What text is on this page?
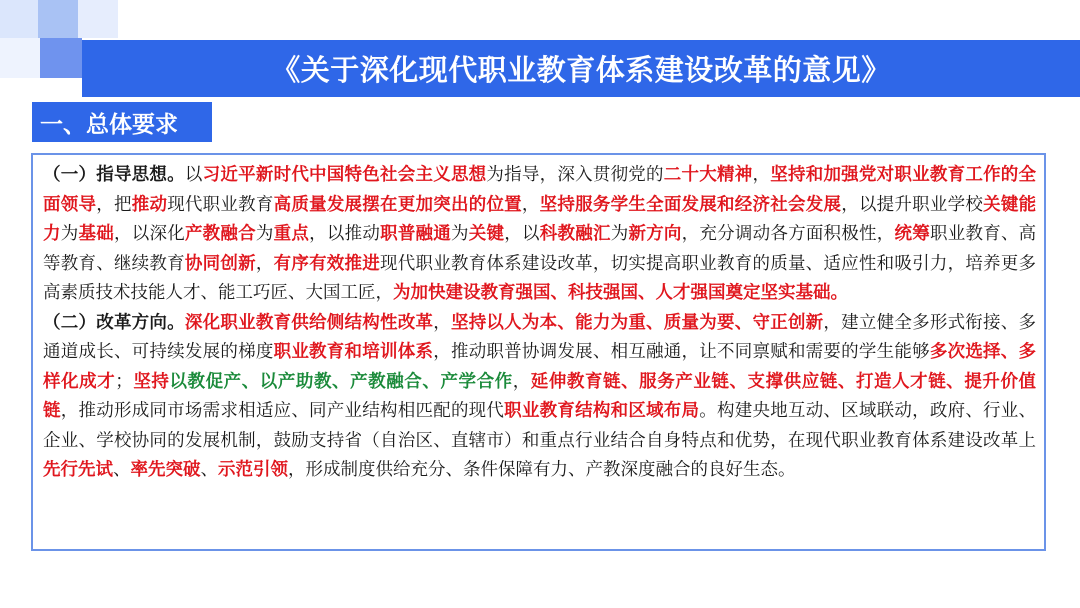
《关于深化现代职业教育体系建设改革的意见》
一、总体要求

（一）指导思想。以习近平新时代中国特色社会主义思想为指导，深入贯彻党的二十大精神，坚持和加强党对职业教育工作的全面领导，把推动现代职业教育高质量发展摆在更加突出的位置，坚持服务学生全面发展和经济社会发展，以提升职业学校关键能力为基础，以深化产教融合为重点，以推动职普融通为关键，以科教融汇为新方向，充分调动各方面积极性，统筹职业教育、高等教育、继续教育协同创新，有序有效推进现代职业教育体系建设改革，切实提高职业教育的质量、适应性和吸引力，培养更多高素质技术技能人才、能工巧匠、大国工匠，为加快建设教育强国、科技强国、人才强国奠定坚实基础。

（二）改革方向。深化职业教育供给侧结构性改革，坚持以人为本、能力为重、质量为要、守正创新，建立健全多形式衔接、多通道成长、可持续发展的梯度职业教育和培训体系，推动职普协调发展、相互融通，让不同禀赋和需要的学生能够多次选择、多样化成才；坚持以教促产、以产助教、产教融合、产学合作，延伸教育链、服务产业链、支撑供应链、打造人才链、提升价值链，推动形成同市场需求相适应、同产业结构相匹配的现代职业教育结构和区域布局。构建央地互动、区域联动，政府、行业、企业、学校协同的发展机制，鼓励支持省（自治区、直辖市）和重点行业结合自身特点和优势，在现代职业教育体系建设改革上先行先试、率先突破、示范引领，形成制度供给充分、条件保障有力、产教深度融合的良好生态。
